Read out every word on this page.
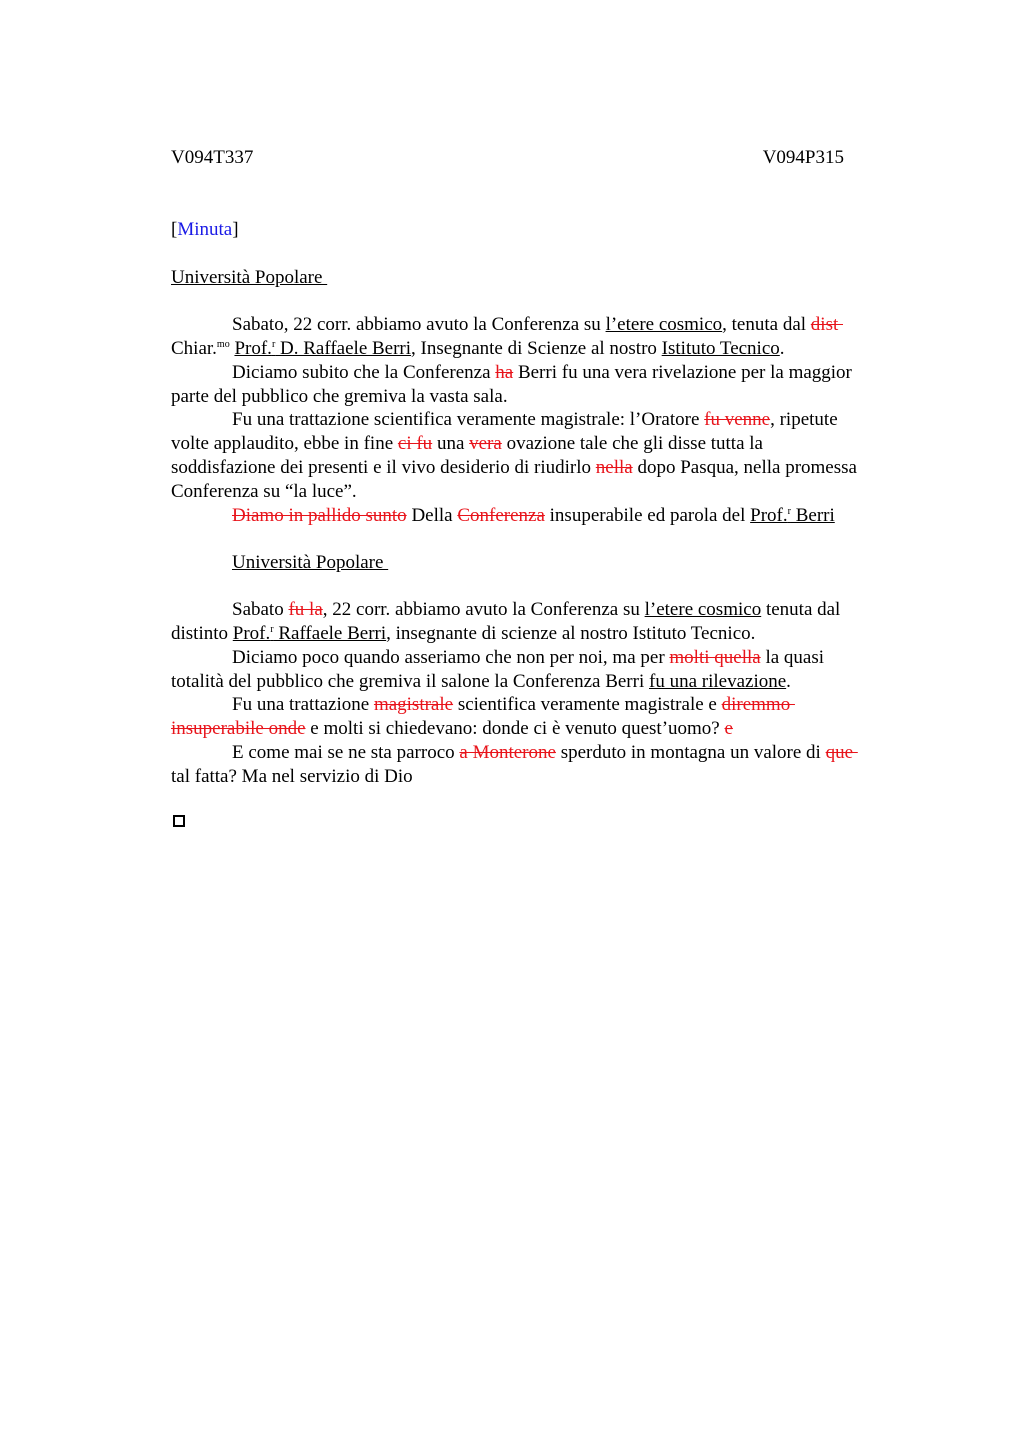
V094T337	V094P315
[Minuta]
Università Popolare
Sabato, 22 corr. abbiamo avuto la Conferenza su l’etere cosmico, tenuta dal dist
Chiar.$^{mo}$ Prof.$^r$ D. Raffaele Berri, Insegnante di Scienze al nostro Istituto Tecnico.
Diciamo subito che la Conferenza ha Berri fu una vera rivelazione per la maggior
parte del pubblico che gremiva la vasta sala.
Fu una trattazione scientifica veramente magistrale: l’Oratore fu venne, ripetute
volte applaudito, ebbe in fine ci fu una vera ovazione tale che gli disse tutta la
soddisfazione dei presenti e il vivo desiderio di riudirlo nella dopo Pasqua, nella promessa
Conferenza su “la luce”.
Diamo in pallido sunto Della Conferenza insuperabile ed parola del Prof.$^r$ Berri
Università Popolare
Sabato fu la, 22 corr. abbiamo avuto la Conferenza su l’etere cosmico tenuta dal
distinto Prof.$^r$ Raffaele Berri, insegnante di scienze al nostro Istituto Tecnico.
Diciamo poco quando asseriamo che non per noi, ma per molti quella la quasi
totalità del pubblico che gremiva il salone la Conferenza Berri fu una rilevazione.
Fu una trattazione magistrale scientifica veramente magistrale e diremmo
insuperabile onde e molti si chiedevano: donde ci è venuto quest’uomo? e
E come mai se ne sta parroco a Monterone sperduto in montagna un valore di que
tal fatta? Ma nel servizio di Dio
